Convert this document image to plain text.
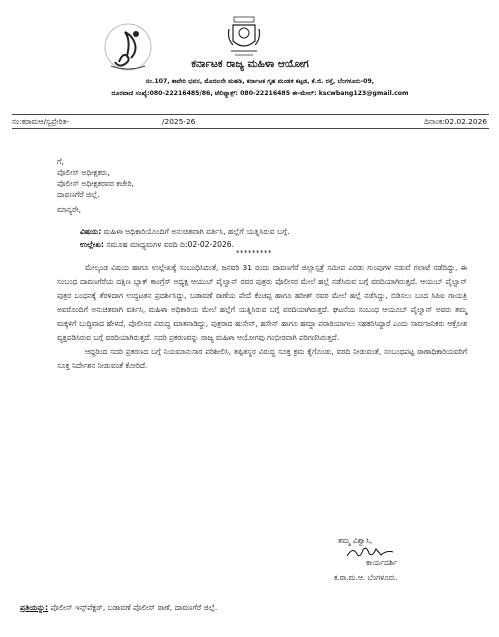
ಕರ್ನಾಟಕ ರಾಜ್ಯ ಮಹಿಳಾ ಆಯೋಗ
ನಂ.107, ಕಾವೇರಿ ಭವನ, ಮೊದಲನೇ ಮಹಡಿ, ಕರ್ನಾಟಕ ಗೃಹ ಮಂಡಳಿ ಕಟ್ಟಡ, ಕೆ.ಜಿ. ರಸ್ತೆ, ಬೆಂಗಳೂರು-09,
ದೂರವಾಣಿ ಸಂಖ್ಯೆ:080-22216485/86, ಟೆಲಿಫ್ಯಾಕ್ಸ್: 080-22216485 ಈ-ಮೇಲ್: kscwbang123@gmail.com
ಸಂ:ಕರಾಮಆ/ಸ್ವಪ್ರೇರಿತ-	/2025-26	ದಿನಾಂಕ:02.02.2026
ಗೆ,
ಪೊಲೀಸ್ ಅಧೀಕ್ಷಕರು,
ಪೊಲೀಸ್ ಅಧೀಕ್ಷಕರವರ ಕಚೇರಿ,
ದಾವಣಗೆರೆ ಜಿಲ್ಲೆ.
ಮಾನ್ಯರೇ,
ವಿಷಯ: ಮಹಿಳಾ ಅಧಿಕಾರಿಯೊಂದಿಗೆ ಅನುಚಿತವಾಗಿ ವರ್ತಿಸಿ, ಹಲ್ಲೆಗೆ ಯತ್ನಿಸಿರುವ ಬಗ್ಗೆ.
ಉಲ್ಲೇಖ: ಸಮೂಹ ಮಾಧ್ಯಮಗಳ ವರದಿ ದಿ:02-02-2026.
*********

ಮೇಲ್ಕಂಡ ವಿಷಯ ಹಾಗೂ ಉಲ್ಲೇಖಕ್ಕೆ ಸಂಬಂಧಿಸಿದಂತೆ, ಜನವರಿ 31 ರಂದು ದಾವಣಗೆರೆ ಜಿಲ್ಲಾಸ್ಪತ್ರೆ ಸಮೀಪ ಎರಡು ಗುಂಪುಗಳ ನಡುವೆ ಗಲಾಟೆ ನಡೆದಿದ್ದು, ಈ ಸಂಬಂಧ ದಾವಣಗೆರೆಯ ದಕ್ಷಿಣ ಬ್ಲಾಕ್ ಕಾಂಗ್ರೆಸ್ ಅಧ್ಯಕ್ಷ ಆಯುಬ್ ಪೈಲ್ವಾನ್ ರವರ ಪುತ್ರರು ಪೊಲೀಸರ ಮೇಲೆ ಹಲ್ಲೆ ನಡೆಸಿರುವ ಬಗ್ಗೆ ವರದಿಯಾಗಿರುತ್ತದೆ. ಆಯುಬ್ ಪೈಲ್ವಾನ್ ಪುತ್ರರ ಬಂಧನಕ್ಕೆ ತೆರಳಿದಾಗ ಉದ್ಧಟತನ ಪ್ರದರ್ಶಿಸಿದ್ದು, ಬಡಾವಣೆ ಠಾಣೆಯ ಪೇದೆ ಕೆಂಚಪ್ಪ ಹಾಗೂ ಹರೀಶ್ ರವರ ಮೇಲೆ ಹಲ್ಲೆ ನಡೆಸಿದ್ದು, ಬಿಡಿಸಲು ಬಂದ ಸಿಪಿಐ ಗಾಯತ್ರಿ ಅವರೊಂದಿಗೆ ಅನುಚಿತವಾಗಿ ವರ್ತಿಸಿ, ಮಹಿಳಾ ಅಧಿಕಾರಿಯ ಮೇಲೆ ಹಲ್ಲೆಗೆ ಯತ್ನಿಸಿರುವ ಬಗ್ಗೆ ವರದಿಯಾಗಿರುತ್ತದೆ. ಘಟನೆಯ ಸಂಬಂಧ ಆಯೂಬ್ ಪೈಲ್ವಾನ್ ಅವರು ತಮ್ಮ ಮಕ್ಕಳಿಗೆ ಬುದ್ಧಿವಾದ ಹೇಳದೆ, ಪೊಲೀಸರ ವಿರುದ್ಧ ಮಾತನಾಡಿದ್ದು, ಪುತ್ರರಾದ ಹುಸೇನ್, ಹಸೇನ್ ಹಾಗೂ ಹಮ್ಜಾ ಪರಾರಿಯಾಗಲು ಸಹಕರಿಸಿದ್ದಾರೆ ಎಂದು ಸಾರ್ವಜನಿಕರು ಆಕ್ರೋಶ ವ್ಯಕ್ತಪಡಿಸಿರುವ ಬಗ್ಗೆ ವರದಿಯಾಗಿರುತ್ತದೆ. ಸದರಿ ಪ್ರಕರಣವನ್ನು ರಾಜ್ಯ ಮಹಿಳಾ ಆಯೋಗವು ಗಂಭೀರವಾಗಿ ಪರಿಗಣಿಸಿರುತ್ತದೆ.

ಆದ್ದರಿಂದ ಸದರಿ ಪ್ರಕರಣದ ಬಗ್ಗೆ ನಿಯಮಾನುಸಾರ ಪರಿಶೀಲಿಸಿ, ತಪ್ಪಿತಸ್ಥರ ವಿರುದ್ಧ ಸೂಕ್ತ ಕ್ರಮ ಕೈಗೊಂಡು, ವರದಿ ನೀಡುವಂತೆ, ಸಂಬಂಧಪಟ್ಟ ಠಾಣಾಧಿಕಾರಿಯವರಿಗೆ ಸೂಕ್ತ ನಿರ್ದೇಶನ ನೀಡುವಂತೆ ಕೋರಿದೆ.

ತಮ್ಮ ವಿಶ್ವಾಸಿ,
ಕಾರ್ಯದರ್ಶಿ
ಕ.ರಾ.ಮ.ಆ. ಬೆಂಗಳೂರು.
ಪ್ರತಿಯನ್ನು: ಪೊಲೀಸ್ ಇನ್ಸ್‌ಪೆಕ್ಟರ್, ಬಡಾವಣೆ ಪೊಲೀಸ್ ಠಾಣೆ, ದಾವಣಗೆರೆ ಜಿಲ್ಲೆ.
